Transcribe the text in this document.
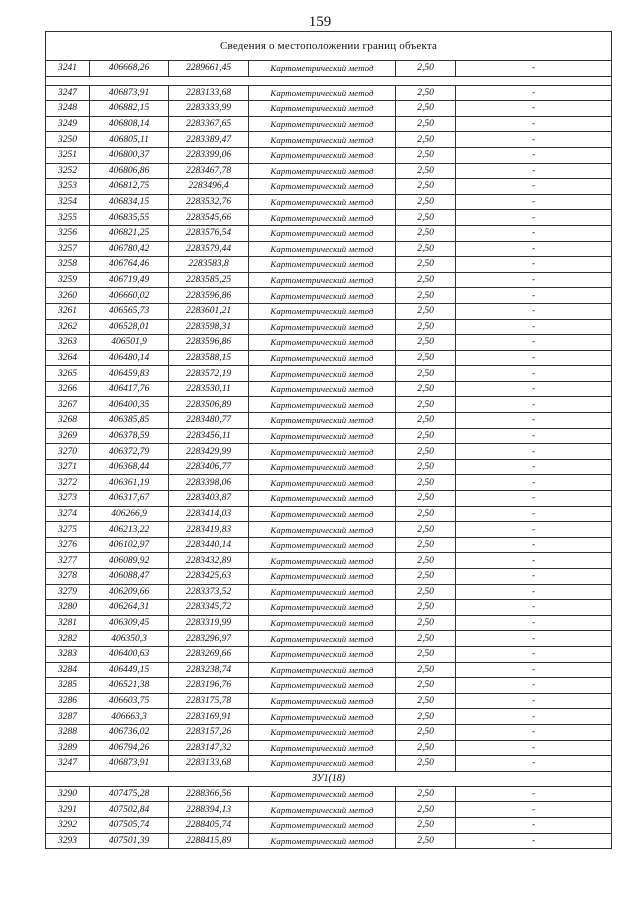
159
Сведения о местоположении границ объекта					
3241	406668,26	2289661,45	Картометрический метод	2,50	-

3247	406873,91	2283133,68	Картометрический метод	2,50	-
3248	406882,15	2283333,99	Картометрический метод	2,50	-
3249	406808,14	2283367,65	Картометрический метод	2,50	-
3250	406805,11	2283389,47	Картометрический метод	2,50	-
3251	406800,37	2283399,06	Картометрический метод	2,50	-
3252	406806,86	2283467,78	Картометрический метод	2,50	-
3253	406812,75	2283496,4	Картометрический метод	2,50	-
3254	406834,15	2283532,76	Картометрический метод	2,50	-
3255	406835,55	2283545,66	Картометрический метод	2,50	-
3256	406821,25	2283576,54	Картометрический метод	2,50	-
3257	406780,42	2283579,44	Картометрический метод	2,50	-
3258	406764,46	2283583,8	Картометрический метод	2,50	-
3259	406719,49	2283585,25	Картометрический метод	2,50	-
3260	406660,02	2283596,86	Картометрический метод	2,50	-
3261	406565,73	2283601,21	Картометрический метод	2,50	-
3262	406528,01	2283598,31	Картометрический метод	2,50	-
3263	406501,9	2283596,86	Картометрический метод	2,50	-
3264	406480,14	2283588,15	Картометрический метод	2,50	-
3265	406459,83	2283572,19	Картометрический метод	2,50	-
3266	406417,76	2283530,11	Картометрический метод	2,50	-
3267	406400,35	2283506,89	Картометрический метод	2,50	-
3268	406385,85	2283480,77	Картометрический метод	2,50	-
3269	406378,59	2283456,11	Картометрический метод	2,50	-
3270	406372,79	2283429,99	Картометрический метод	2,50	-
3271	406368,44	2283406,77	Картометрический метод	2,50	-
3272	406361,19	2283398,06	Картометрический метод	2,50	-
3273	406317,67	2283403,87	Картометрический метод	2,50	-
3274	406266,9	2283414,03	Картометрический метод	2,50	-
3275	406213,22	2283419,83	Картометрический метод	2,50	-
3276	406102,97	2283440,14	Картометрический метод	2,50	-
3277	406089,92	2283432,89	Картометрический метод	2,50	-
3278	406088,47	2283425,63	Картометрический метод	2,50	-
3279	406209,66	2283373,52	Картометрический метод	2,50	-
3280	406264,31	2283345,72	Картометрический метод	2,50	-
3281	406309,45	2283319,99	Картометрический метод	2,50	-
3282	406350,3	2283296,97	Картометрический метод	2,50	-
3283	406400,63	2283269,66	Картометрический метод	2,50	-
3284	406449,15	2283238,74	Картометрический метод	2,50	-
3285	406521,38	2283196,76	Картометрический метод	2,50	-
3286	406603,75	2283175,78	Картометрический метод	2,50	-
3287	406663,3	2283169,91	Картометрический метод	2,50	-
3288	406736,02	2283157,26	Картометрический метод	2,50	-
3289	406794,26	2283147,32	Картометрический метод	2,50	-
3247	406873,91	2283133,68	Картометрический метод	2,50	-
ЗУ1(18)					
3290	407475,28	2288366,56	Картометрический метод	2,50	-
3291	407502,84	2288394,13	Картометрический метод	2,50	-
3292	407505,74	2288405,74	Картометрический метод	2,50	-
3293	407501,39	2288415,89	Картометрический метод	2,50	-
